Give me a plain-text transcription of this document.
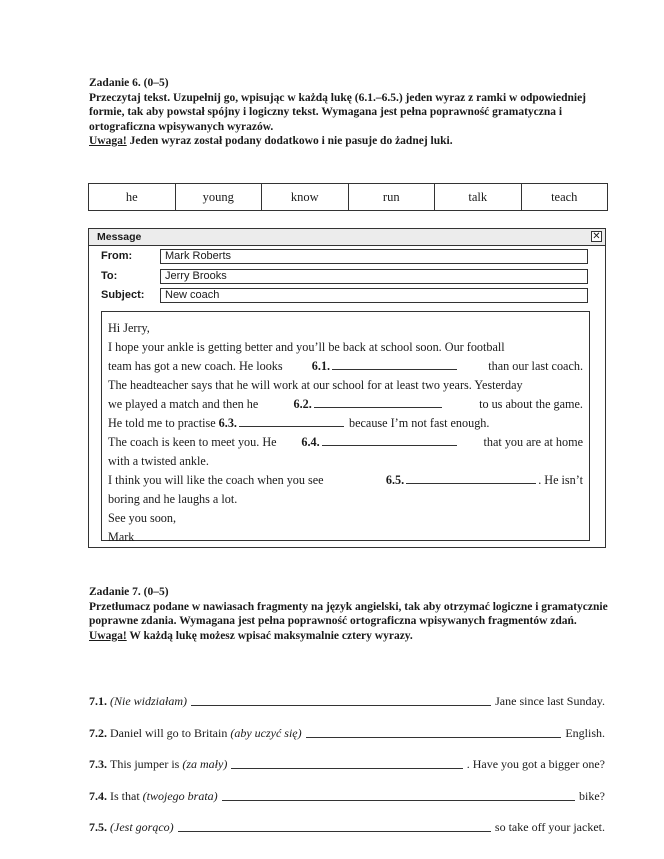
Zadanie 6. (0–5)
Przeczytaj tekst. Uzupełnij go, wpisując w każdą lukę (6.1.–6.5.) jeden wyraz z ramki w odpowiedniej formie, tak aby powstał spójny i logiczny tekst. Wymagana jest pełna poprawność gramatyczna i ortograficzna wpisywanych wyrazów.
Uwaga! Jeden wyraz został podany dodatkowo i nie pasuje do żadnej luki.
he	young	know	run	talk	teach
Message	✕
From:	Mark Roberts
To:	Jerry Brooks
Subject:	New coach
Hi Jerry,
I hope your ankle is getting better and you’ll be back at school soon. Our football
team has got a new coach. He looks 6.1.	than our last coach.
The headteacher says that he will work at our school for at least two years. Yesterday
we played a match and then he	6.2.	to us about the game.
He told me to practise 6.3.	because I’m not fast enough.
The coach is keen to meet you. He 6.4.	that you are at home
with a twisted ankle.
I think you will like the coach when you see	6.5.	. He isn’t
boring and he laughs a lot.
See you soon,
Mark
Zadanie 7. (0–5)
Przetłumacz podane w nawiasach fragmenty na język angielski, tak aby otrzymać logiczne i gramatycznie poprawne zdania. Wymagana jest pełna poprawność ortograficzna wpisywanych fragmentów zdań.
Uwaga! W każdą lukę możesz wpisać maksymalnie cztery wyrazy.
7.1.
(Nie widziałam)	Jane since last Sunday.
7.2.
Daniel will go to Britain
(aby uczyć się)	English.
7.3.
This jumper is
(za mały)	. Have you got a bigger one?
7.4.
Is that
(twojego brata)	bike?
7.5.
(Jest gorąco)	so take off your jacket.
